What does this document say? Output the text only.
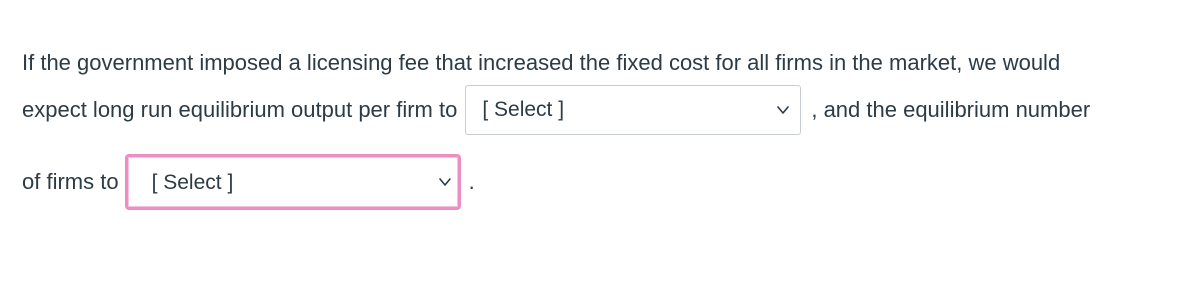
If the government imposed a licensing fee that increased the fixed cost for all firms in the market, we would
expect long run equilibrium output per firm to [ Select ]	, and the equilibrium number
of firms to [ Select ]	.
